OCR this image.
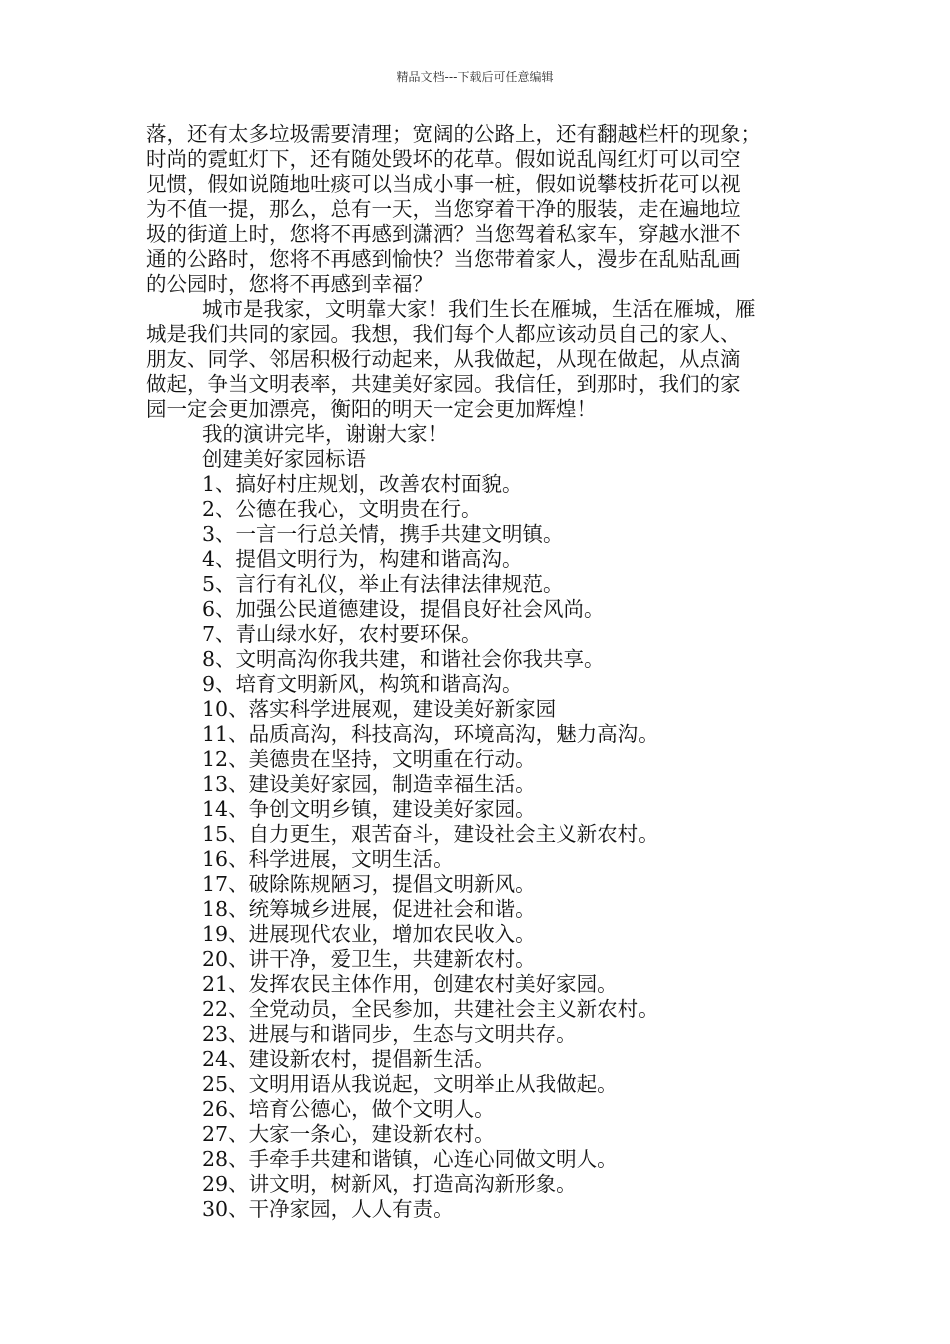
精品文档---下载后可任意编辑
落，还有太多垃圾需要清理；宽阔的公路上，还有翻越栏杆的现象；
时尚的霓虹灯下，还有随处毁坏的花草。假如说乱闯红灯可以司空
见惯，假如说随地吐痰可以当成小事一桩，假如说攀枝折花可以视
为不值一提，那么，总有一天，当您穿着干净的服装，走在遍地垃
圾的街道上时，您将不再感到潇洒？当您驾着私家车，穿越水泄不
通的公路时，您将不再感到愉快？当您带着家人，漫步在乱贴乱画
的公园时，您将不再感到幸福？
城市是我家，文明靠大家！我们生长在雁城，生活在雁城，雁
城是我们共同的家园。我想，我们每个人都应该动员自己的家人、
朋友、同学、邻居积极行动起来，从我做起，从现在做起，从点滴
做起，争当文明表率，共建美好家园。我信任，到那时，我们的家
园一定会更加漂亮，衡阳的明天一定会更加辉煌！
我的演讲完毕，谢谢大家！
创建美好家园标语
1、搞好村庄规划，改善农村面貌。
2、公德在我心，文明贵在行。
3、一言一行总关情，携手共建文明镇。
4、提倡文明行为，构建和谐高沟。
5、言行有礼仪，举止有法律法律规范。
6、加强公民道德建设，提倡良好社会风尚。
7、青山绿水好，农村要环保。
8、文明高沟你我共建，和谐社会你我共享。
9、培育文明新风，构筑和谐高沟。
10、落实科学进展观，建设美好新家园
11、品质高沟，科技高沟，环境高沟，魅力高沟。
12、美德贵在坚持，文明重在行动。
13、建设美好家园，制造幸福生活。
14、争创文明乡镇，建设美好家园。
15、自力更生，艰苦奋斗，建设社会主义新农村。
16、科学进展，文明生活。
17、破除陈规陋习，提倡文明新风。
18、统筹城乡进展，促进社会和谐。
19、进展现代农业，增加农民收入。
20、讲干净，爱卫生，共建新农村。
21、发挥农民主体作用，创建农村美好家园。
22、全党动员，全民参加，共建社会主义新农村。
23、进展与和谐同步，生态与文明共存。
24、建设新农村，提倡新生活。
25、文明用语从我说起，文明举止从我做起。
26、培育公德心，做个文明人。
27、大家一条心，建设新农村。
28、手牵手共建和谐镇，心连心同做文明人。
29、讲文明，树新风，打造高沟新形象。
30、干净家园，人人有责。
